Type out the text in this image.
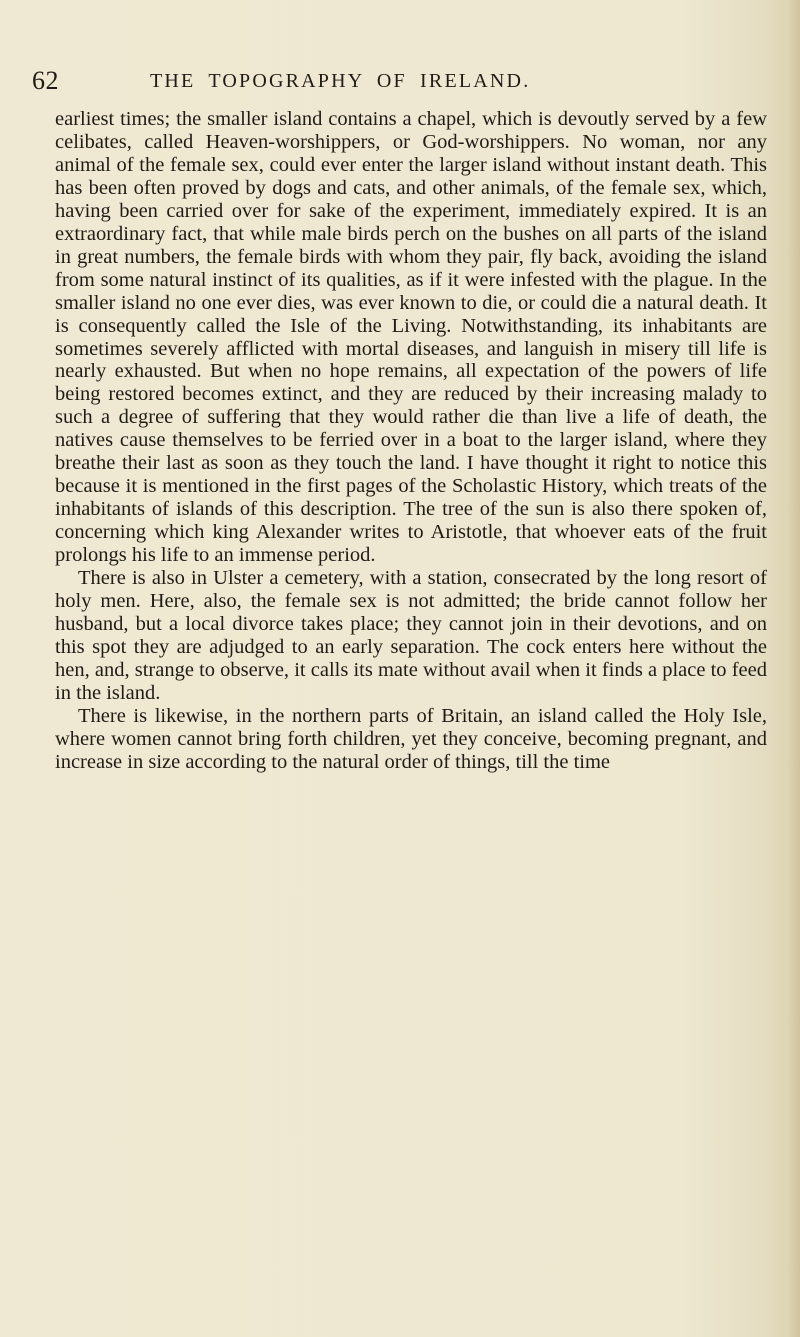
62	THE TOPOGRAPHY OF IRELAND.

earliest times; the smaller island contains a chapel, which is devoutly served by a few celibates, called Heaven-worshippers, or God-worshippers. No woman, nor any animal of the female sex, could ever enter the larger island without instant death. This has been often proved by dogs and cats, and other animals, of the female sex, which, having been carried over for sake of the experiment, immediately expired. It is an extraordinary fact, that while male birds perch on the bushes on all parts of the island in great numbers, the female birds with whom they pair, fly back, avoiding the island from some natural instinct of its qualities, as if it were infested with the plague. In the smaller island no one ever dies, was ever known to die, or could die a natural death. It is consequently called the Isle of the Living. Notwithstanding, its inhabitants are sometimes severely afflicted with mortal diseases, and languish in misery till life is nearly exhausted. But when no hope remains, all expectation of the powers of life being restored becomes extinct, and they are reduced by their increasing malady to such a degree of suffering that they would rather die than live a life of death, the natives cause themselves to be ferried over in a boat to the larger island, where they breathe their last as soon as they touch the land. I have thought it right to notice this because it is mentioned in the first pages of the Scholastic History, which treats of the inhabitants of islands of this description. The tree of the sun is also there spoken of, concerning which king Alexander writes to Aristotle, that whoever eats of the fruit prolongs his life to an immense period.

There is also in Ulster a cemetery, with a station, consecrated by the long resort of holy men. Here, also, the female sex is not admitted; the bride cannot follow her husband, but a local divorce takes place; they cannot join in their devotions, and on this spot they are adjudged to an early separation. The cock enters here without the hen, and, strange to observe, it calls its mate without avail when it finds a place to feed in the island.

There is likewise, in the northern parts of Britain, an island called the Holy Isle, where women cannot bring forth children, yet they conceive, becoming pregnant, and increase in size according to the natural order of things, till the time
